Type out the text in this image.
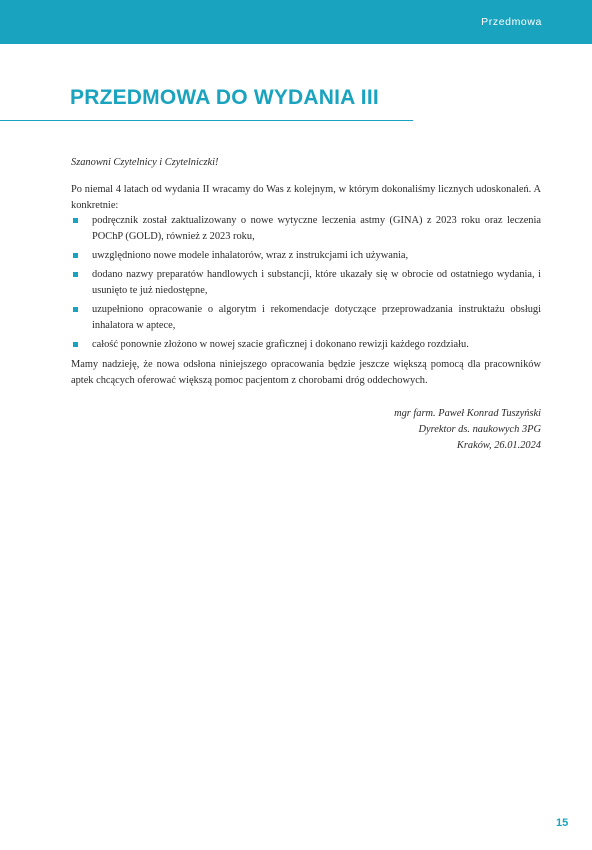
Przedmowa
PRZEDMOWA DO WYDANIA III

Szanowni Czytelnicy i Czytelniczki!

Po niemal 4 latach od wydania II wracamy do Was z kolejnym, w którym dokonaliśmy licznych udoskonaleń. A konkretnie:

podręcznik został zaktualizowany o nowe wytyczne leczenia astmy (GINA) z 2023 roku oraz leczenia POChP (GOLD), również z 2023 roku,
uwzględniono nowe modele inhalatorów, wraz z instrukcjami ich używania,
dodano nazwy preparatów handlowych i substancji, które ukazały się w obrocie od ostatniego wydania, i usunięto te już niedostępne,
uzupełniono opracowanie o algorytm i rekomendacje dotyczące przeprowadzania instruktażu obsługi inhalatora w aptece,
całość ponownie złożono w nowej szacie graficznej i dokonano rewizji każdego rozdziału.

Mamy nadzieję, że nowa odsłona niniejszego opracowania będzie jeszcze większą pomocą dla pracowników aptek chcących oferować większą pomoc pacjentom z chorobami dróg oddechowych.

mgr farm. Paweł Konrad Tuszyński
Dyrektor ds. naukowych 3PG
Kraków, 26.01.2024
15
